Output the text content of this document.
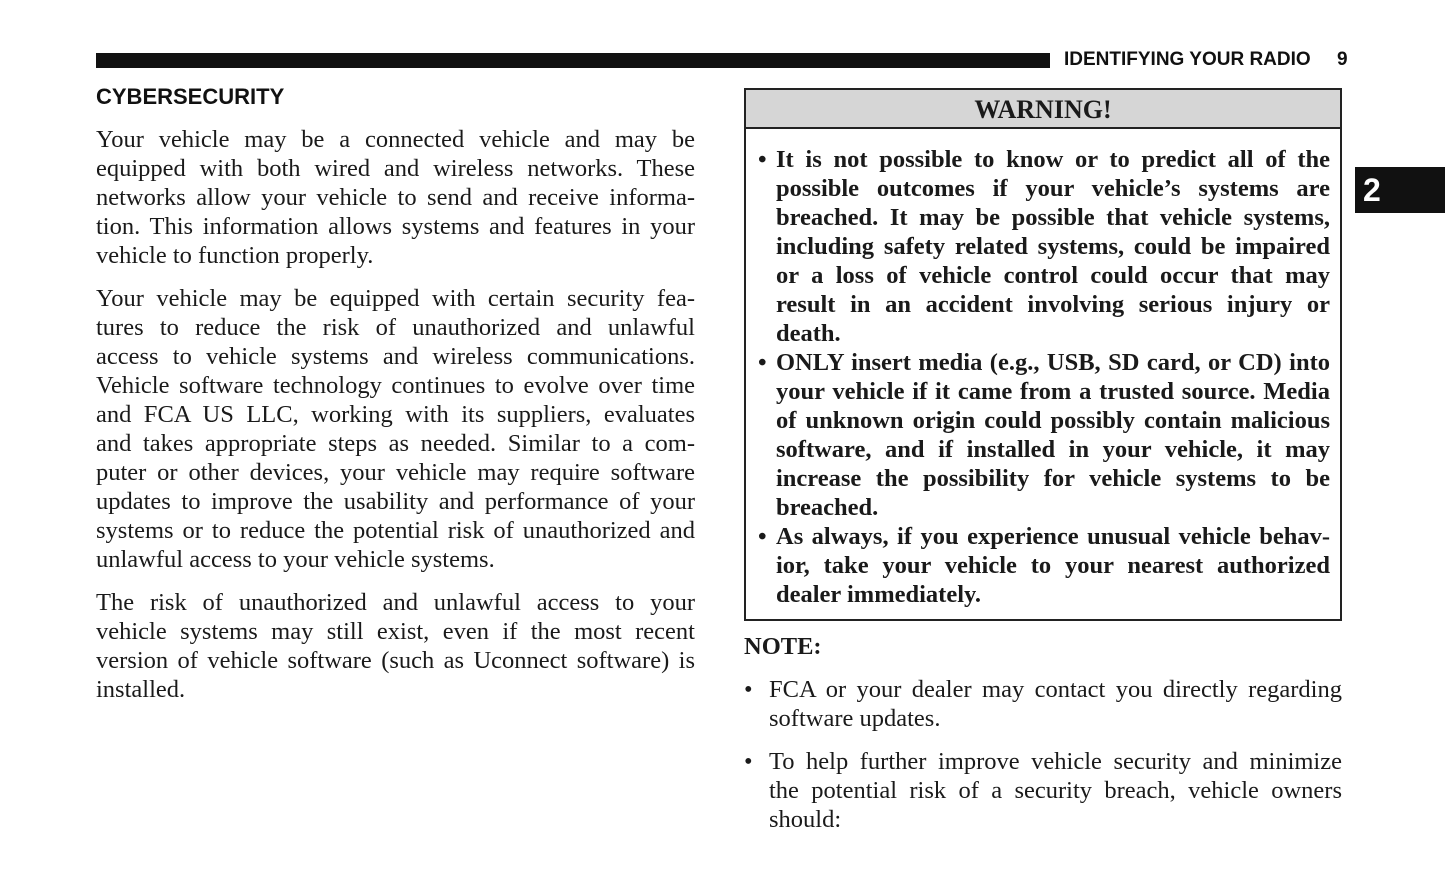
IDENTIFYING YOUR RADIO 9
2
CYBERSECURITY
Your vehicle may be a connected vehicle and may be
equipped with both wired and wireless networks. These
networks allow your vehicle to send and receive informa-
tion. This information allows systems and features in your
vehicle to function properly.
Your vehicle may be equipped with certain security fea-
tures to reduce the risk of unauthorized and unlawful
access to vehicle systems and wireless communications.
Vehicle software technology continues to evolve over time
and FCA US LLC, working with its suppliers, evaluates
and takes appropriate steps as needed. Similar to a com-
puter or other devices, your vehicle may require software
updates to improve the usability and performance of your
systems or to reduce the potential risk of unauthorized and
unlawful access to your vehicle systems.
The risk of unauthorized and unlawful access to your
vehicle systems may still exist, even if the most recent
version of vehicle software (such as Uconnect software) is
installed.
WARNING!
• It is not possible to know or to predict all of the
possible outcomes if your vehicle’s systems are
breached. It may be possible that vehicle systems,
including safety related systems, could be impaired
or a loss of vehicle control could occur that may
result in an accident involving serious injury or
death.
• ONLY insert media (e.g., USB, SD card, or CD) into
your vehicle if it came from a trusted source. Media
of unknown origin could possibly contain malicious
software, and if installed in your vehicle, it may
increase the possibility for vehicle systems to be
breached.
• As always, if you experience unusual vehicle behav-
ior, take your vehicle to your nearest authorized
dealer immediately.
NOTE:
• FCA or your dealer may contact you directly regarding
software updates.
• To help further improve vehicle security and minimize
the potential risk of a security breach, vehicle owners
should:
